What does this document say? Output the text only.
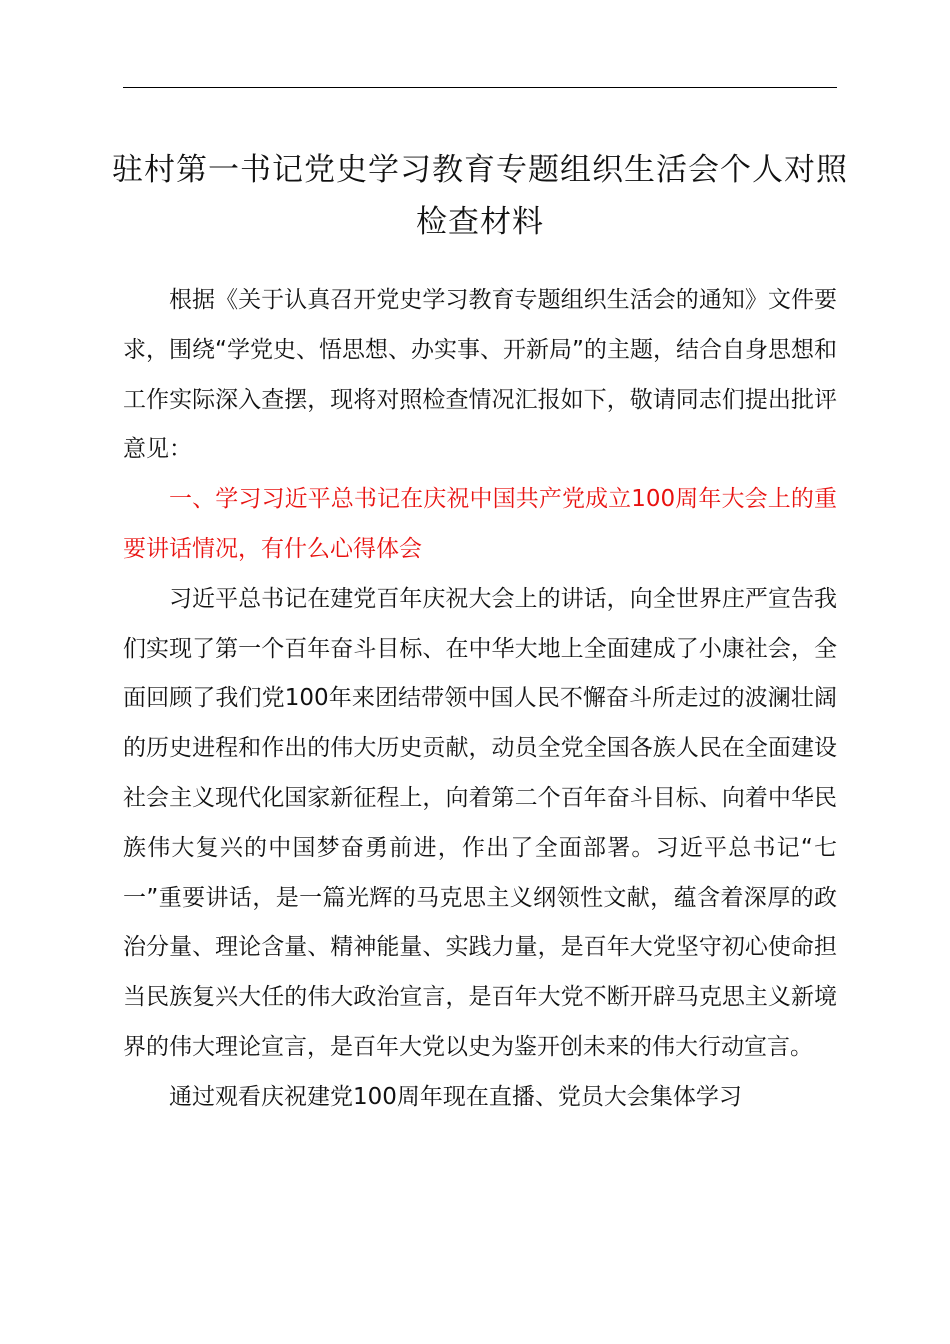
驻村第一书记党史学习教育专题组织生活会个人对照检查材料

根据《关于认真召开党史学习教育专题组织生活会的通知》文件要求，围绕“学党史、悟思想、办实事、开新局”的主题，结合自身思想和工作实际深入查摆，现将对照检查情况汇报如下，敬请同志们提出批评意见：

一、学习习近平总书记在庆祝中国共产党成立100周年大会上的重要讲话情况，有什么心得体会

习近平总书记在建党百年庆祝大会上的讲话，向全世界庄严宣告我们实现了第一个百年奋斗目标、在中华大地上全面建成了小康社会，全面回顾了我们党100年来团结带领中国人民不懈奋斗所走过的波澜壮阔的历史进程和作出的伟大历史贡献，动员全党全国各族人民在全面建设社会主义现代化国家新征程上，向着第二个百年奋斗目标、向着中华民族伟大复兴的中国梦奋勇前进，作出了全面部署。习近平总书记“七一”重要讲话，是一篇光辉的马克思主义纲领性文献，蕴含着深厚的政治分量、理论含量、精神能量、实践力量，是百年大党坚守初心使命担当民族复兴大任的伟大政治宣言，是百年大党不断开辟马克思主义新境界的伟大理论宣言，是百年大党以史为鉴开创未来的伟大行动宣言。

通过观看庆祝建党100周年现在直播、党员大会集体学习
